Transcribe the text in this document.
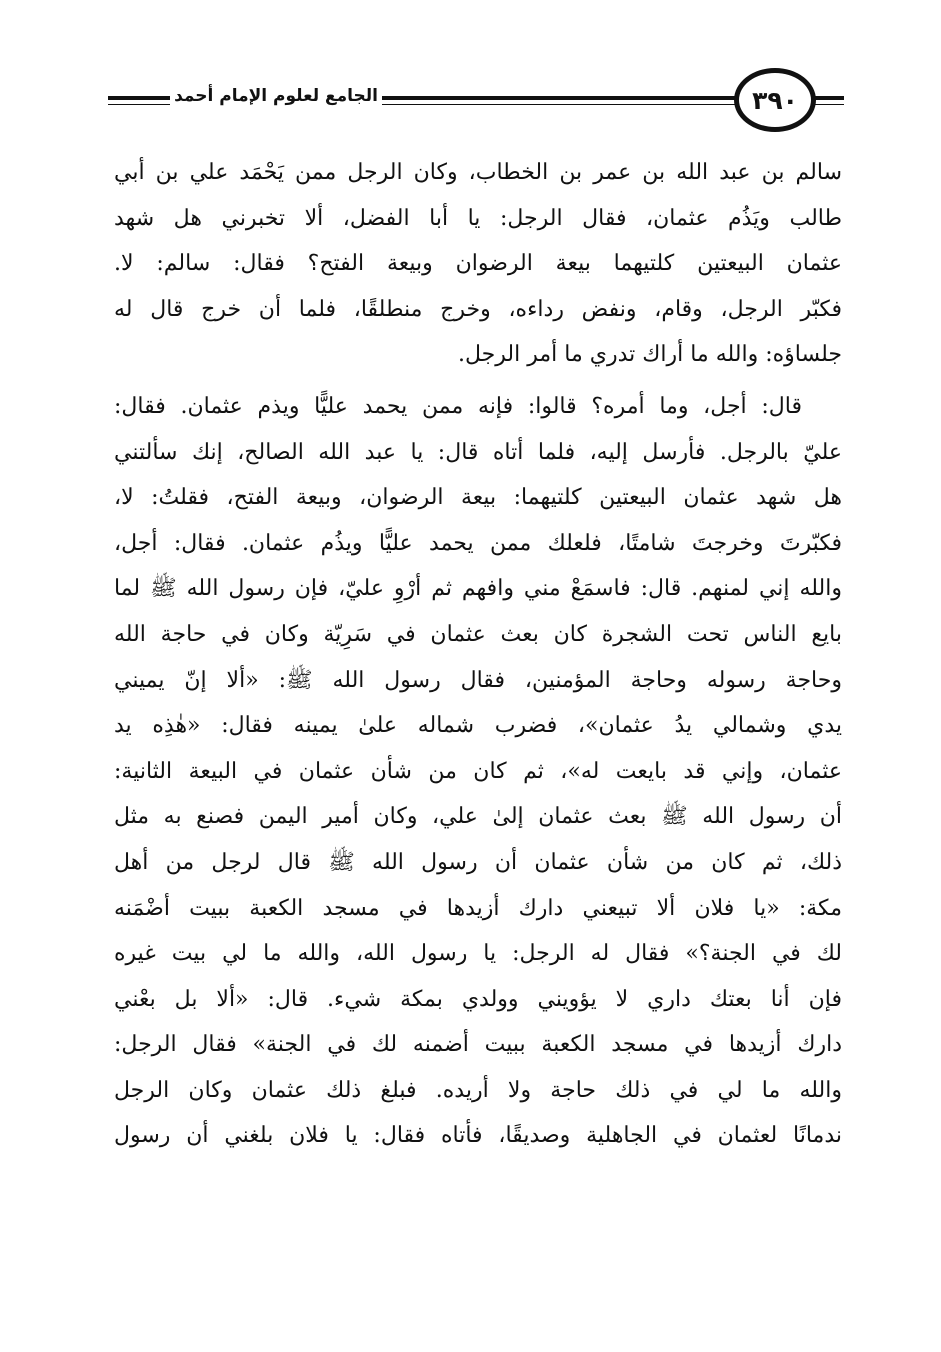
٣٩٠
الجامع لعلوم الإمام أحمد
سالم بن عبد الله بن عمر بن الخطاب، وكان الرجل ممن يَحْمَد علي بن أبي
طالب ويَذُم عثمان، فقال الرجل: يا أبا الفضل، ألا تخبرني هل شهد
عثمان البيعتين كلتيهما بيعة الرضوان وبيعة الفتح؟ فقال: سالم: لا.
فكبّر الرجل، وقام، ونفض رداءه، وخرج منطلقًا، فلما أن خرج قال له
جلساؤه: والله ما أراك تدري ما أمر الرجل.
قال: أجل، وما أمره؟ قالوا: فإنه ممن يحمد عليًّا ويذم عثمان. فقال:
عليّ بالرجل. فأرسل إليه، فلما أتاه قال: يا عبد الله الصالح، إنك سألتني
هل شهد عثمان البيعتين كلتيهما: بيعة الرضوان، وبيعة الفتح، فقلتُ: لا،
فكبّرتَ وخرجتَ شامتًا، فلعلك ممن يحمد عليًّا ويذُم عثمان. فقال: أجل،
والله إني لمنهم. قال: فاسمَعْ مني وافهم ثم أرْوِ عليّ، فإن رسول الله ﷺ لما
بايع الناس تحت الشجرة كان بعث عثمان في سَرِيّة وكان في حاجة الله
وحاجة رسوله وحاجة المؤمنين، فقال رسول الله ﷺ: «ألا إنّ يميني
يدي وشمالي يدُ عثمان»، فضرب شماله علىٰ يمينه فقال: «هٰذِه يد
عثمان، وإني قد بايعت له»، ثم كان من شأن عثمان في البيعة الثانية:
أن رسول الله ﷺ بعث عثمان إلىٰ علي، وكان أمير اليمن فصنع به مثل
ذلك، ثم كان من شأن عثمان أن رسول الله ﷺ قال لرجل من أهل
مكة: «يا فلان ألا تبيعني دارك أزيدها في مسجد الكعبة ببيت أضْمَنه
لك في الجنة؟» فقال له الرجل: يا رسول الله، والله ما لي بيت غيره
فإن أنا بعتك داري لا يؤويني وولدي بمكة شيء. قال: «ألا بل بعْني
دارك أزيدها في مسجد الكعبة ببيت أضمنه لك في الجنة» فقال الرجل:
والله ما لي في ذلك حاجة ولا أريده. فبلغ ذلك عثمان وكان الرجل
ندمانًا لعثمان في الجاهلية وصديقًا، فأتاه فقال: يا فلان بلغني أن رسول
